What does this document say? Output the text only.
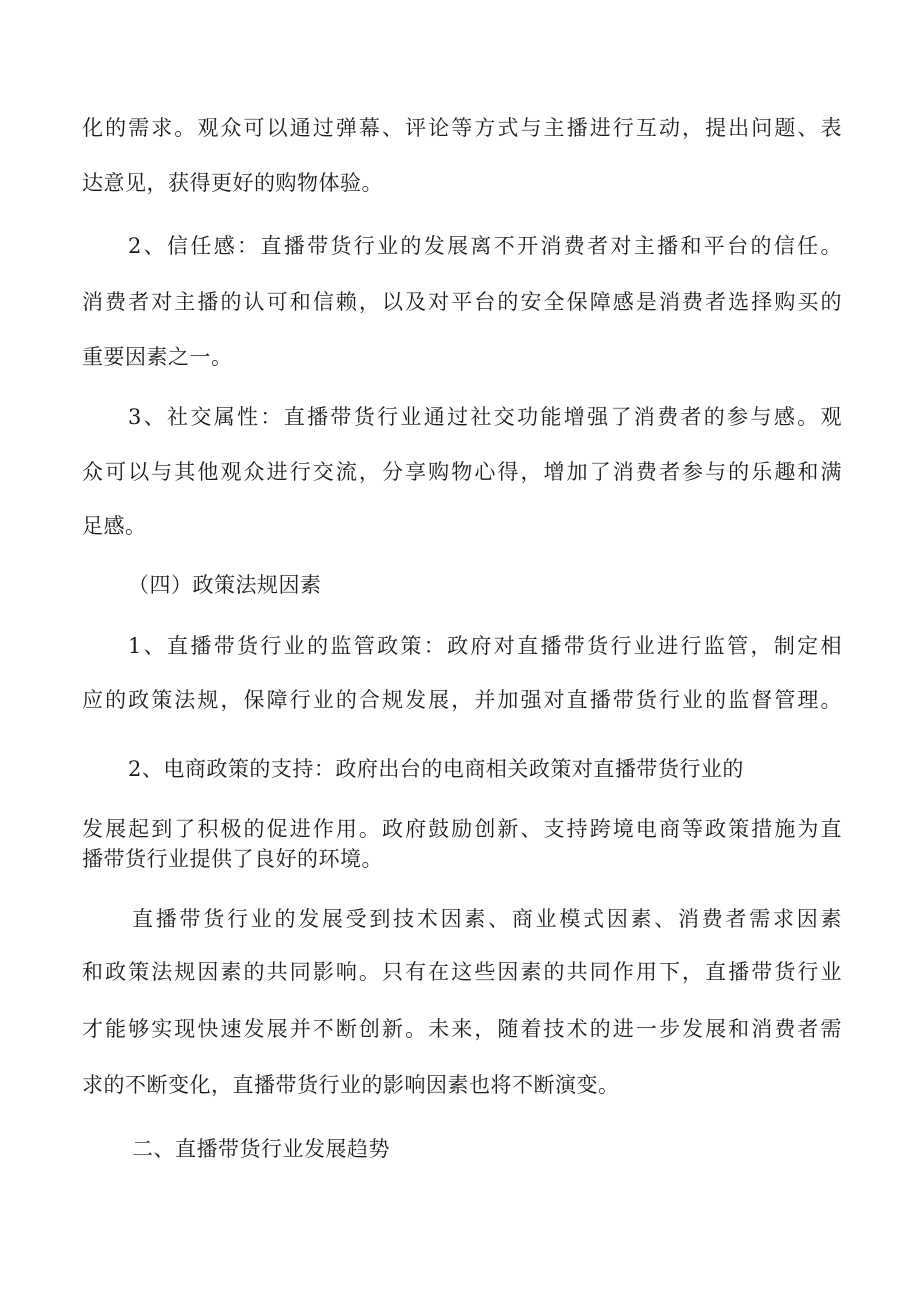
化的需求。观众可以通过弹幕、评论等方式与主播进行互动，提出问题、表
达意见，获得更好的购物体验。
2、信任感：直播带货行业的发展离不开消费者对主播和平台的信任。
消费者对主播的认可和信赖，以及对平台的安全保障感是消费者选择购买的
重要因素之一。
3、社交属性：直播带货行业通过社交功能增强了消费者的参与感。观
众可以与其他观众进行交流，分享购物心得，增加了消费者参与的乐趣和满
足感。
（四）政策法规因素
1、直播带货行业的监管政策：政府对直播带货行业进行监管，制定相
应的政策法规，保障行业的合规发展，并加强对直播带货行业的监督管理。
2、电商政策的支持：政府出台的电商相关政策对直播带货行业的
发展起到了积极的促进作用。政府鼓励创新、支持跨境电商等政策措施为直
播带货行业提供了良好的环境。
直播带货行业的发展受到技术因素、商业模式因素、消费者需求因素
和政策法规因素的共同影响。只有在这些因素的共同作用下，直播带货行业
才能够实现快速发展并不断创新。未来，随着技术的进一步发展和消费者需
求的不断变化，直播带货行业的影响因素也将不断演变。
二、直播带货行业发展趋势
